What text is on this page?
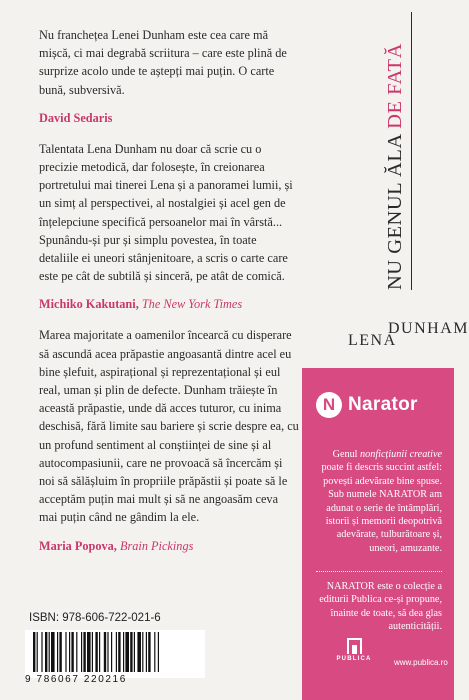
Nu franchețea Lenei Dunham este cea care mă mișcă, ci mai degrabă scriitura – care este plină de surprize acolo unde te aștepți mai puțin. O carte bună, subversivă.

David Sedaris

Talentata Lena Dunham nu doar că scrie cu o precizie metodică, dar folosește, în creionarea portretului mai tinerei Lena și a panoramei lumii, și un simț al perspectivei, al nostalgiei și acel gen de înțelepciune specifică persoanelor mai în vârstă... Spunându-și pur și simplu povestea, în toate detaliile ei uneori stânjenitoare, a scris o carte care este pe cât de subtilă și sinceră, pe atât de comică.

Michiko Kakutani, The New York Times

Marea majoritate a oamenilor încearcă cu disperare să ascundă acea prăpastie angoasantă dintre acel eu bine șlefuit, aspirațional și reprezentațional și eul real, uman și plin de defecte. Dunham trăiește în această prăpastie, unde dă acces tuturor, cu inima deschisă, fără limite sau bariere și scrie despre ea, cu un profund sentiment al conștiinței de sine și al autocompasiunii, care ne provoacă să încercăm și noi să sălășluim în propriile prăpăstii și poate să le acceptăm puțin mai mult și să ne angoasăm ceva mai puțin când ne gândim la ele.

Maria Popova, Brain Pickings
NU GENUL ĂLA DE FATĂ
LENA
DUNHAM
N Narator

Genul nonficțiunii creative poate fi descris succint astfel: povești adevărate bine spuse. Sub numele NARATOR am adunat o serie de întâmplări, istorii și memorii deopotrivă adevărate, tulburătoare și, uneori, amuzante.

NARATOR este o colecție a editurii Publica ce-și propune, înainte de toate, să dea glas autenticității.

PUBLICA	www.publica.ro
ISBN: 978-606-722-021-6
9 786067 220216
